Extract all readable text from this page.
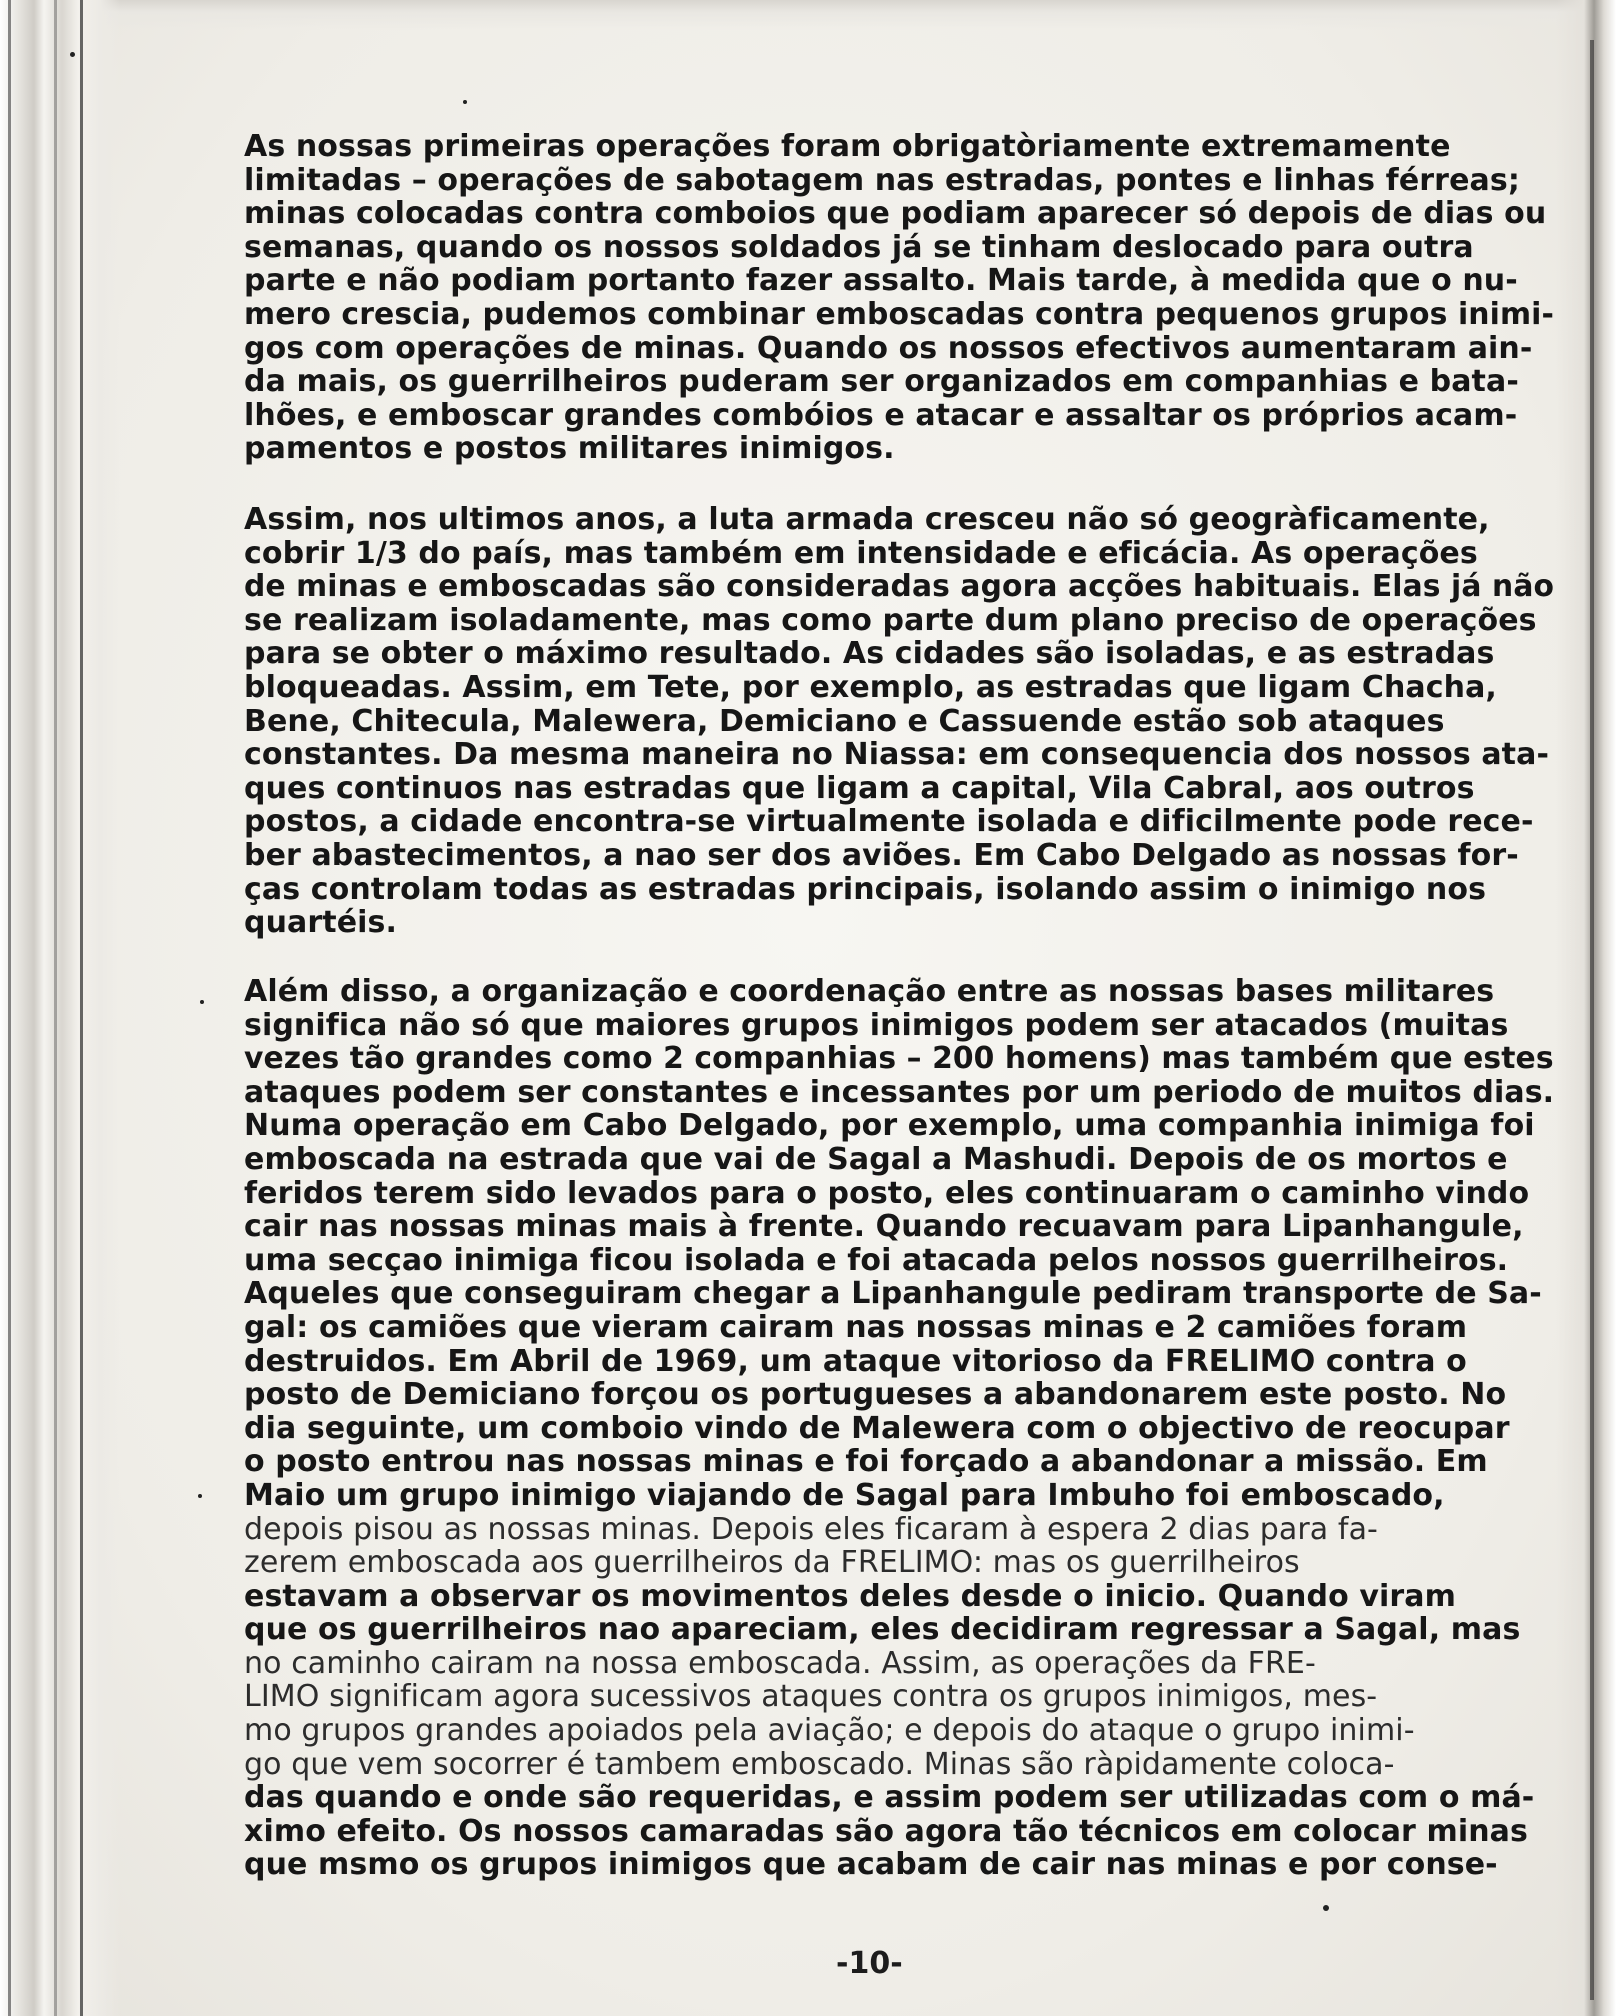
As nossas primeiras operações foram obrigatòriamente extremamente
limitadas – operações de sabotagem nas estradas, pontes e linhas férreas;
minas colocadas contra comboios que podiam aparecer só depois de dias ou
semanas, quando os nossos soldados já se tinham deslocado para outra
parte e não podiam portanto fazer assalto. Mais tarde, à medida que o nu-
mero crescia, pudemos combinar emboscadas contra pequenos grupos inimi-
gos com operações de minas. Quando os nossos efectivos aumentaram ain-
da mais, os guerrilheiros puderam ser organizados em companhias e bata-
lhões, e emboscar grandes combóios e atacar e assaltar os próprios acam-
pamentos e postos militares inimigos.
Assim, nos ultimos anos, a luta armada cresceu não só geogràficamente,
cobrir 1/3 do país, mas também em intensidade e eficácia. As operações
de minas e emboscadas são consideradas agora acções habituais. Elas já não
se realizam isoladamente, mas como parte dum plano preciso de operações
para se obter o máximo resultado. As cidades são isoladas, e as estradas
bloqueadas. Assim, em Tete, por exemplo, as estradas que ligam Chacha,
Bene, Chitecula, Malewera, Demiciano e Cassuende estão sob ataques
constantes. Da mesma maneira no Niassa: em consequencia dos nossos ata-
ques continuos nas estradas que ligam a capital, Vila Cabral, aos outros
postos, a cidade encontra-se virtualmente isolada e dificilmente pode rece-
ber abastecimentos, a nao ser dos aviões. Em Cabo Delgado as nossas for-
ças controlam todas as estradas principais, isolando assim o inimigo nos
quartéis.
Além disso, a organização e coordenação entre as nossas bases militares
significa não só que maiores grupos inimigos podem ser atacados (muitas
vezes tão grandes como 2 companhias – 200 homens) mas também que estes
ataques podem ser constantes e incessantes por um periodo de muitos dias.
Numa operação em Cabo Delgado, por exemplo, uma companhia inimiga foi
emboscada na estrada que vai de Sagal a Mashudi. Depois de os mortos e
feridos terem sido levados para o posto, eles continuaram o caminho vindo
cair nas nossas minas mais à frente. Quando recuavam para Lipanhangule,
uma secçao inimiga ficou isolada e foi atacada pelos nossos guerrilheiros.
Aqueles que conseguiram chegar a Lipanhangule pediram transporte de Sa-
gal: os camiões que vieram cairam nas nossas minas e 2 camiões foram
destruidos. Em Abril de 1969, um ataque vitorioso da FRELIMO contra o
posto de Demiciano forçou os portugueses a abandonarem este posto. No
dia seguinte, um comboio vindo de Malewera com o objectivo de reocupar
o posto entrou nas nossas minas e foi forçado a abandonar a missão. Em
Maio um grupo inimigo viajando de Sagal para Imbuho foi emboscado,
depois pisou as nossas minas. Depois eles ficaram à espera 2 dias para fa-
zerem emboscada aos guerrilheiros da FRELIMO: mas os guerrilheiros
estavam a observar os movimentos deles desde o inicio. Quando viram
que os guerrilheiros nao apareciam, eles decidiram regressar a Sagal, mas
no caminho cairam na nossa emboscada. Assim, as operações da FRE-
LIMO significam agora sucessivos ataques contra os grupos inimigos, mes-
mo grupos grandes apoiados pela aviação; e depois do ataque o grupo inimi-
go que vem socorrer é tambem emboscado. Minas são ràpidamente coloca-
das quando e onde são requeridas, e assim podem ser utilizadas com o má-
ximo efeito. Os nossos camaradas são agora tão técnicos em colocar minas
que msmo os grupos inimigos que acabam de cair nas minas e por conse-
-10-
